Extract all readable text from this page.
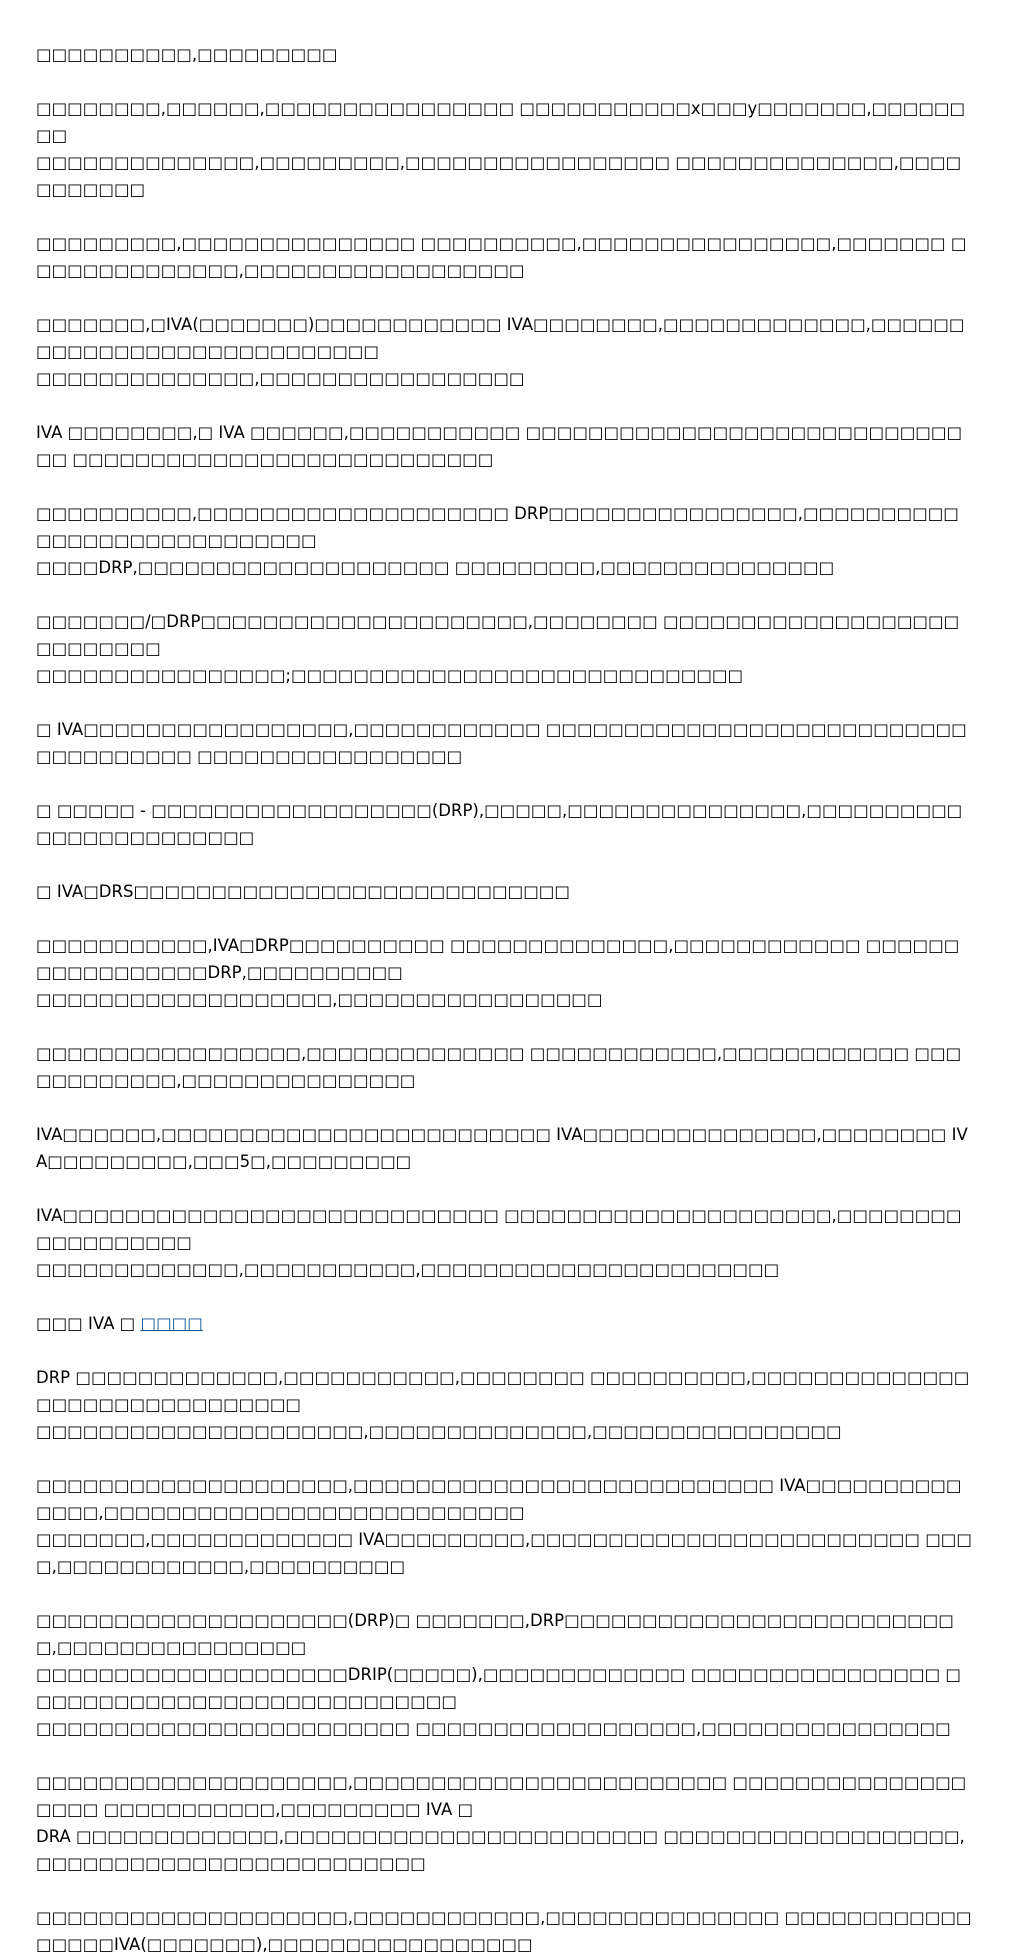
□□□□□□□□□□,□□□□□□□□□

□□□□□□□□,□□□□□□,□□□□□□□□□□□□□□□□ □□□□□□□□□□□x□□□y□□□□□□□,□□□□□□□□
□□□□□□□□□□□□□□,□□□□□□□□□,□□□□□□□□□□□□□□□□□ □□□□□□□□□□□□□□,□□□□□□□□□□□

□□□□□□□□□,□□□□□□□□□□□□□□□ □□□□□□□□□□,□□□□□□□□□□□□□□□□,□□□□□□□ □□□□□□□□□□□□□□,□□□□□□□□□□□□□□□□□□

□□□□□□□,□IVA(□□□□□□□)□□□□□□□□□□□□ IVA□□□□□□□□,□□□□□□□□□□□□□,□□□□□□□□□□□□□□□□□□□□□□□□□□□□
□□□□□□□□□□□□□□,□□□□□□□□□□□□□□□□□

IVA □□□□□□□□,□ IVA □□□□□□,□□□□□□□□□□□ □□□□□□□□□□□□□□□□□□□□□□□□□□□□□□ □□□□□□□□□□□□□□□□□□□□□□□□□□□

□□□□□□□□□□,□□□□□□□□□□□□□□□□□□□□ DRP□□□□□□□□□□□□□□□□,□□□□□□□□□□□□□□□□□□□□□□□□□□□□
□□□□DRP,□□□□□□□□□□□□□□□□□□□□ □□□□□□□□□,□□□□□□□□□□□□□□□

□□□□□□□/□DRP□□□□□□□□□□□□□□□□□□□□□,□□□□□□□□ □□□□□□□□□□□□□□□□□□□□□□□□□□□
□□□□□□□□□□□□□□□□;□□□□□□□□□□□□□□□□□□□□□□□□□□□□□

□ IVA□□□□□□□□□□□□□□□□□,□□□□□□□□□□□□ □□□□□□□□□□□□□□□□□□□□□□□□□□□□□□□□□□□□□ □□□□□□□□□□□□□□□□□

□ □□□□□ - □□□□□□□□□□□□□□□□□□(DRP),□□□□□,□□□□□□□□□□□□□□□,□□□□□□□□□□□□□□□□□□□□□□□□

□ IVA□DRS□□□□□□□□□□□□□□□□□□□□□□□□□□□□

□□□□□□□□□□□,IVA□DRP□□□□□□□□□□ □□□□□□□□□□□□□□,□□□□□□□□□□□□ □□□□□□□□□□□□□□□□□DRP,□□□□□□□□□□
□□□□□□□□□□□□□□□□□□□,□□□□□□□□□□□□□□□□□

□□□□□□□□□□□□□□□□□,□□□□□□□□□□□□□□ □□□□□□□□□□□□,□□□□□□□□□□□□ □□□□□□□□□□□□,□□□□□□□□□□□□□□□

IVA□□□□□□,□□□□□□□□□□□□□□□□□□□□□□□□□ IVA□□□□□□□□□□□□□□□,□□□□□□□□ IVA□□□□□□□□□,□□□5□,□□□□□□□□□

IVA□□□□□□□□□□□□□□□□□□□□□□□□□□□□ □□□□□□□□□□□□□□□□□□□□□,□□□□□□□□□□□□□□□□□□
□□□□□□□□□□□□□,□□□□□□□□□□□,□□□□□□□□□□□□□□□□□□□□□□□

□□□ IVA □ □□□□

DRP □□□□□□□□□□□□□,□□□□□□□□□□□,□□□□□□□□ □□□□□□□□□□,□□□□□□□□□□□□□□□□□□□□□□□□□□□□□□□
□□□□□□□□□□□□□□□□□□□□□,□□□□□□□□□□□□□□,□□□□□□□□□□□□□□□□

□□□□□□□□□□□□□□□□□□□□,□□□□□□□□□□□□□□□□□□□□□□□□□□□ IVA□□□□□□□□□□□□□□,□□□□□□□□□□□□□□□□□□□□□□□□□□□
□□□□□□□,□□□□□□□□□□□□□ IVA□□□□□□□□□,□□□□□□□□□□□□□□□□□□□□□□□□□ □□□□,□□□□□□□□□□□□,□□□□□□□□□□

□□□□□□□□□□□□□□□□□□□□(DRP)□ □□□□□□□,DRP□□□□□□□□□□□□□□□□□□□□□□□□□□,□□□□□□□□□□□□□□□□
□□□□□□□□□□□□□□□□□□□□DRIP(□□□□□),□□□□□□□□□□□□□ □□□□□□□□□□□□□□□□ □□□□□□□□□□□□□□□□□□□□□□□□□□□□
□□□□□□□□□□□□□□□□□□□□□□□□ □□□□□□□□□□□□□□□□□□,□□□□□□□□□□□□□□□□

□□□□□□□□□□□□□□□□□□□□,□□□□□□□□□□□□□□□□□□□□□□□□ □□□□□□□□□□□□□□□□□□□ □□□□□□□□□□□,□□□□□□□□□ IVA □
DRA □□□□□□□□□□□□□,□□□□□□□□□□□□□□□□□□□□□□□□ □□□□□□□□□□□□□□□□□□□,□□□□□□□□□□□□□□□□□□□□□□□□□

□□□□□□□□□□□□□□□□□□□□,□□□□□□□□□□□□,□□□□□□□□□□□□□□□ □□□□□□□□□□□□□□□□□IVA(□□□□□□□),□□□□□□□□□□□□□□□□□
